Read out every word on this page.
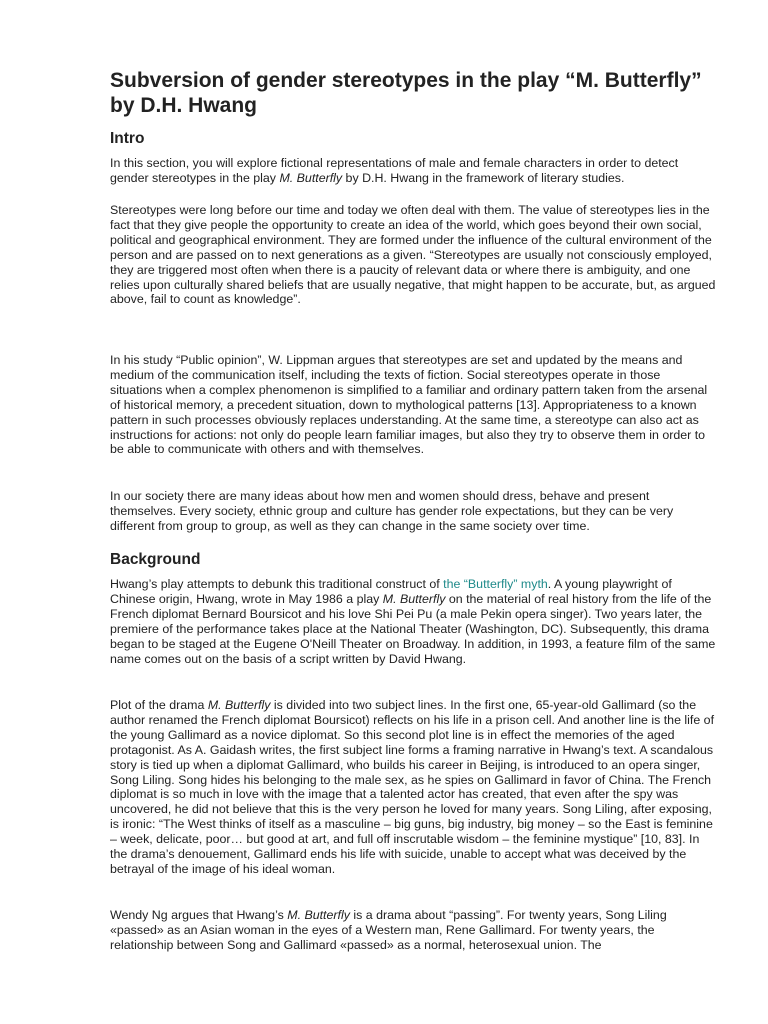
Subversion of gender stereotypes in the play “M. Butterfly” by D.H. Hwang
Intro

In this section, you will explore fictional representations of male and female characters in order to detect gender stereotypes in the play M. Butterfly by D.H. Hwang in the framework of literary studies.

Stereotypes were long before our time and today we often deal with them. The value of stereotypes lies in the fact that they give people the opportunity to create an idea of the world, which goes beyond their own social, political and geographical environment. They are formed under the influence of the cultural environment of the person and are passed on to next generations as a given. “Stereotypes are usually not consciously employed, they are triggered most often when there is a paucity of relevant data or where there is ambiguity, and one relies upon culturally shared beliefs that are usually negative, that might happen to be accurate, but, as argued above, fail to count as knowledge”.

In his study “Public opinion”, W. Lippman argues that stereotypes are set and updated by the means and medium of the communication itself, including the texts of fiction. Social stereotypes operate in those situations when a complex phenomenon is simplified to a familiar and ordinary pattern taken from the arsenal of historical memory, a precedent situation, down to mythological patterns [13]. Appropriateness to a known pattern in such processes obviously replaces understanding. At the same time, a stereotype can also act as instructions for actions: not only do people learn familiar images, but also they try to observe them in order to be able to communicate with others and with themselves.

In our society there are many ideas about how men and women should dress, behave and present themselves. Every society, ethnic group and culture has gender role expectations, but they can be very different from group to group, as well as they can change in the same society over time.

Background

Hwang’s play attempts to debunk this traditional construct of the “Butterfly” myth. A young playwright of Chinese origin, Hwang, wrote in May 1986 a play M. Butterfly on the material of real history from the life of the French diplomat Bernard Boursicot and his love Shi Pei Pu (a male Pekin opera singer). Two years later, the premiere of the performance takes place at the National Theater (Washington, DC). Subsequently, this drama began to be staged at the Eugene O'Neill Theater on Broadway. In addition, in 1993, a feature film of the same name comes out on the basis of a script written by David Hwang.

Plot of the drama M. Butterfly is divided into two subject lines. In the first one, 65-year-old Gallimard (so the author renamed the French diplomat Boursicot) reflects on his life in a prison cell. And another line is the life of the young Gallimard as a novice diplomat. So this second plot line is in effect the memories of the aged protagonist. As A. Gaidash writes, the first subject line forms a framing narrative in Hwang’s text. A scandalous story is tied up when a diplomat Gallimard, who builds his career in Beijing, is introduced to an opera singer, Song Liling. Song hides his belonging to the male sex, as he spies on Gallimard in favor of China. The French diplomat is so much in love with the image that a talented actor has created, that even after the spy was uncovered, he did not believe that this is the very person he loved for many years. Song Liling, after exposing, is ironic: “The West thinks of itself as a masculine – big guns, big industry, big money – so the East is feminine – week, delicate, poor… but good at art, and full off inscrutable wisdom – the feminine mystique” [10, 83]. In the drama’s denouement, Gallimard ends his life with suicide, unable to accept what was deceived by the betrayal of the image of his ideal woman.

Wendy Ng argues that Hwang’s M. Butterfly is a drama about “passing”. For twenty years, Song Liling «passed» as an Asian woman in the eyes of a Western man, Rene Gallimard. For twenty years, the relationship between Song and Gallimard «passed» as a normal, heterosexual union. The
